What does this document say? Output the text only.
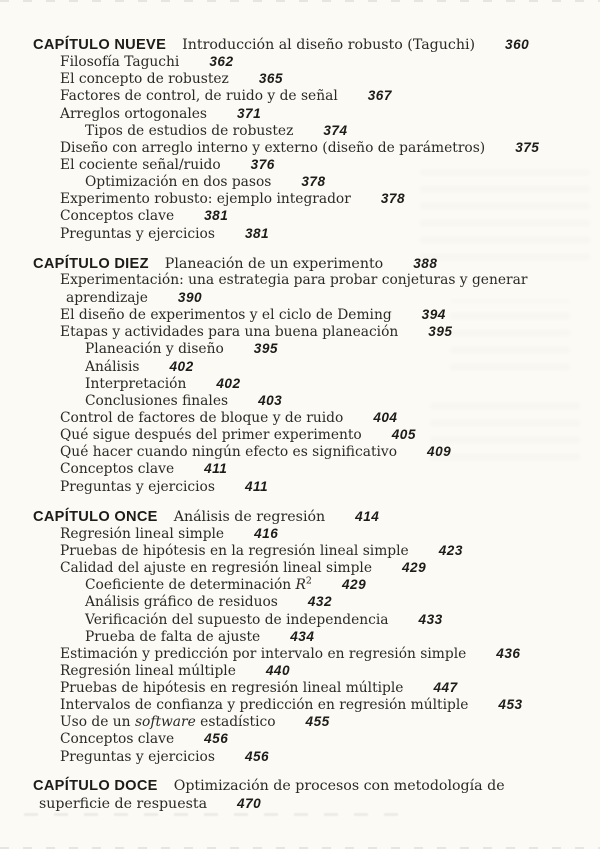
CAPÍTULO NUEVE Introducción al diseño robusto (Taguchi) 360
Filosofía Taguchi 362
El concepto de robustez 365
Factores de control, de ruido y de señal 367
Arreglos ortogonales 371
Tipos de estudios de robustez 374
Diseño con arreglo interno y externo (diseño de parámetros) 375
El cociente señal/ruido 376
Optimización en dos pasos 378
Experimento robusto: ejemplo integrador 378
Conceptos clave 381
Preguntas y ejercicios 381
CAPÍTULO DIEZ Planeación de un experimento 388
Experimentación: una estrategia para probar conjeturas y generar
aprendizaje 390
El diseño de experimentos y el ciclo de Deming 394
Etapas y actividades para una buena planeación 395
Planeación y diseño 395
Análisis 402
Interpretación 402
Conclusiones finales 403
Control de factores de bloque y de ruido 404
Qué sigue después del primer experimento 405
Qué hacer cuando ningún efecto es significativo 409
Conceptos clave 411
Preguntas y ejercicios 411
CAPÍTULO ONCE Análisis de regresión 414
Regresión lineal simple 416
Pruebas de hipótesis en la regresión lineal simple 423
Calidad del ajuste en regresión lineal simple 429
Coeficiente de determinación $R^2$ 429
Análisis gráfico de residuos 432
Verificación del supuesto de independencia 433
Prueba de falta de ajuste 434
Estimación y predicción por intervalo en regresión simple 436
Regresión lineal múltiple 440
Pruebas de hipótesis en regresión lineal múltiple 447
Intervalos de confianza y predicción en regresión múltiple 453
Uso de un software estadístico 455
Conceptos clave 456
Preguntas y ejercicios 456
CAPÍTULO DOCE Optimización de procesos con metodología de
superficie de respuesta 470
